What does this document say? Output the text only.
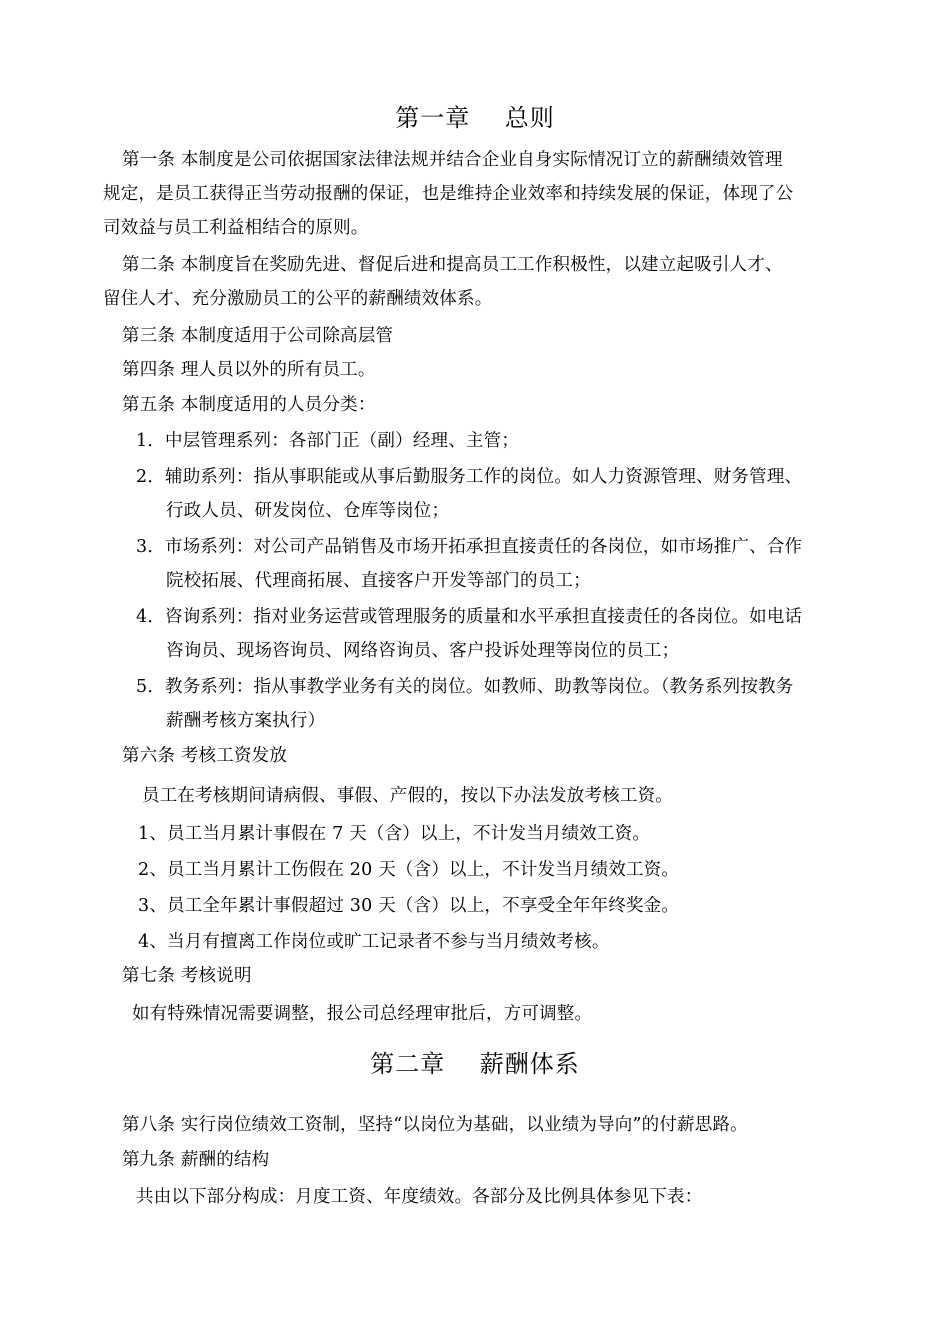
第一章    总则
第一条 本制度是公司依据国家法律法规并结合企业自身实际情况订立的薪酬绩效管理
规定，是员工获得正当劳动报酬的保证，也是维持企业效率和持续发展的保证，体现了公
司效益与员工利益相结合的原则。
第二条 本制度旨在奖励先进、督促后进和提高员工工作积极性，以建立起吸引人才、
留住人才、充分激励员工的公平的薪酬绩效体系。
第三条 本制度适用于公司除高层管
第四条 理人员以外的所有员工。
第五条 本制度适用的人员分类：
1．中层管理系列：各部门正（副）经理、主管；
2．辅助系列：指从事职能或从事后勤服务工作的岗位。如人力资源管理、财务管理、
行政人员、研发岗位、仓库等岗位；
3．市场系列：对公司产品销售及市场开拓承担直接责任的各岗位，如市场推广、合作
院校拓展、代理商拓展、直接客户开发等部门的员工；
4．咨询系列：指对业务运营或管理服务的质量和水平承担直接责任的各岗位。如电话
咨询员、现场咨询员、网络咨询员、客户投诉处理等岗位的员工；
5．教务系列：指从事教学业务有关的岗位。如教师、助教等岗位。（教务系列按教务
薪酬考核方案执行）
第六条 考核工资发放
员工在考核期间请病假、事假、产假的，按以下办法发放考核工资。
1、员工当月累计事假在 7 天（含）以上，不计发当月绩效工资。
2、员工当月累计工伤假在 20 天（含）以上，不计发当月绩效工资。
3、员工全年累计事假超过 30 天（含）以上，不享受全年年终奖金。
4、当月有擅离工作岗位或旷工记录者不参与当月绩效考核。
第七条 考核说明
如有特殊情况需要调整，报公司总经理审批后，方可调整。
第二章    薪酬体系
第八条 实行岗位绩效工资制，坚持“以岗位为基础，以业绩为导向”的付薪思路。
第九条 薪酬的结构
共由以下部分构成：月度工资、年度绩效。各部分及比例具体参见下表：
